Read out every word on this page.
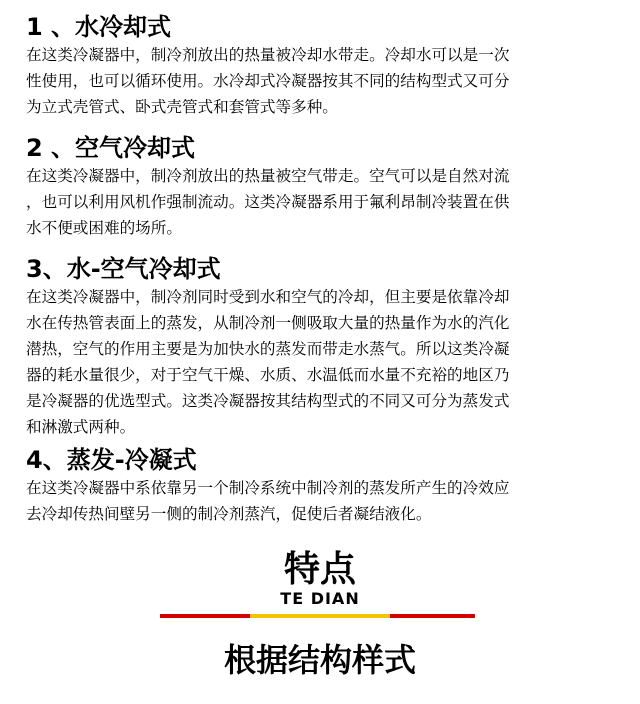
1 、水冷却式

在这类冷凝器中，制冷剂放出的热量被冷却水带走。冷却水可以是一次
性使用，也可以循环使用。水冷却式冷凝器按其不同的结构型式又可分
为立式壳管式、卧式壳管式和套管式等多种。

2 、空气冷却式

在这类冷凝器中，制冷剂放出的热量被空气带走。空气可以是自然对流
，也可以利用风机作强制流动。这类冷凝器系用于氟利昂制冷装置在供
水不便或困难的场所。

3、水-空气冷却式

在这类冷凝器中，制冷剂同时受到水和空气的冷却，但主要是依靠冷却
水在传热管表面上的蒸发，从制冷剂一侧吸取大量的热量作为水的汽化
潜热，空气的作用主要是为加快水的蒸发而带走水蒸气。所以这类冷凝
器的耗水量很少，对于空气干燥、水质、水温低而水量不充裕的地区乃
是冷凝器的优选型式。这类冷凝器按其结构型式的不同又可分为蒸发式
和淋激式两种。

4、蒸发-冷凝式

在这类冷凝器中系依靠另一个制冷系统中制冷剂的蒸发所产生的冷效应
去冷却传热间壁另一侧的制冷剂蒸汽，促使后者凝结液化。

特点

TE DIAN

根据结构样式
